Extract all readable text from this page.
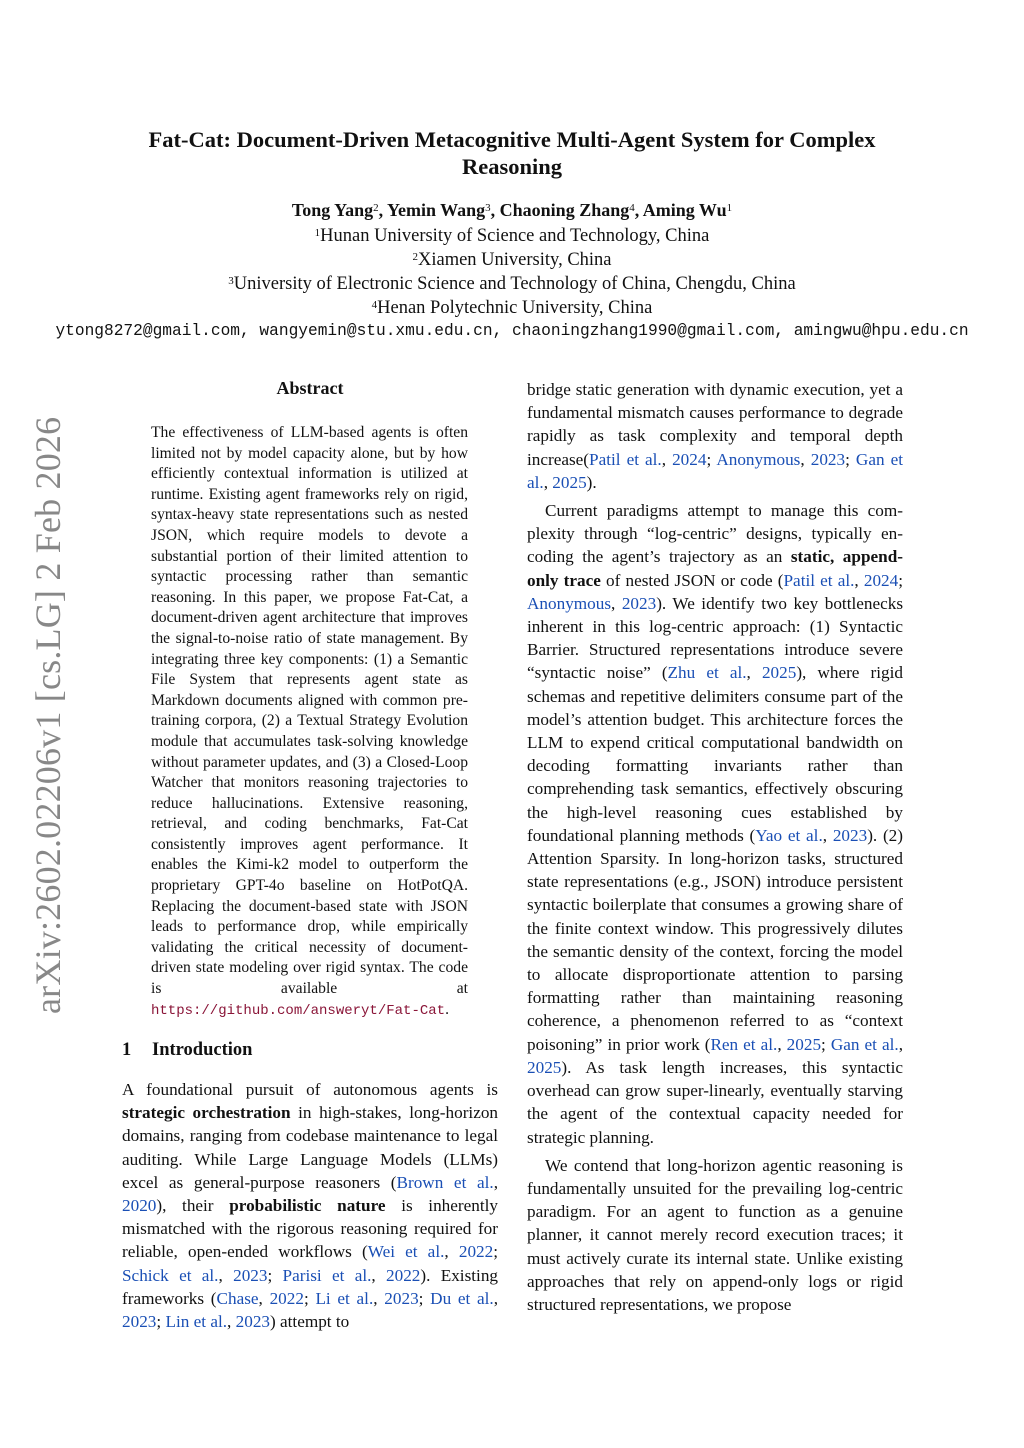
Fat-Cat: Document-Driven Metacognitive Multi-Agent System for Complex Reasoning
Tong Yang$^2$, Yemin Wang$^3$, Chaoning Zhang$^4$, Aming Wu$^1$
$^1$Hunan University of Science and Technology, China
$^2$Xiamen University, China
$^3$University of Electronic Science and Technology of China, Chengdu, China
$^4$Henan Polytechnic University, China
ytong8272@gmail.com, wangyemin@stu.xmu.edu.cn, chaoningzhang1990@gmail.com, amingwu@hpu.edu.cn
arXiv:2602.02206v1 [cs.LG] 2 Feb 2026
Abstract

The effectiveness of LLM-based agents is often limited not by model capacity alone, but by how efficiently contextual information is utilized at runtime. Existing agent frameworks rely on rigid, syntax-heavy state representations such as nested JSON, which require models to devote a substantial portion of their limited attention to syntactic processing rather than semantic reasoning. In this paper, we propose Fat-Cat, a document-driven agent architecture that improves the signal-to-noise ratio of state management. By integrating three key components: (1) a Semantic File System that represents agent state as Markdown documents aligned with common pre-training corpora, (2) a Textual Strategy Evolution module that accumulates task-solving knowledge without parameter updates, and (3) a Closed-Loop Watcher that monitors reasoning trajectories to reduce hallucinations. Extensive reasoning, retrieval, and coding benchmarks, Fat-Cat consistently improves agent performance. It enables the Kimi-k2 model to outperform the proprietary GPT-4o baseline on HotPotQA. Replacing the document-based state with JSON leads to performance drop, while empirically validating the critical necessity of document-driven state modeling over rigid syntax. The code is available at https://github.com/answeryt/Fat-Cat.

1 Introduction

A foundational pursuit of autonomous agents is strategic orchestration in high-stakes, long-horizon domains, ranging from codebase maintenance to legal auditing. While Large Language Models (LLMs) excel as general-purpose reasoners (Brown et al., 2020), their probabilistic nature is inherently mismatched with the rigorous reasoning required for reliable, open-ended workflows (Wei et al., 2022; Schick et al., 2023; Parisi et al., 2022). Existing frameworks (Chase, 2022; Li et al., 2023; Du et al., 2023; Lin et al., 2023) attempt to

bridge static generation with dynamic execution, yet a fundamental mismatch causes performance to degrade rapidly as task complexity and temporal depth increase(Patil et al., 2024; Anonymous, 2023; Gan et al., 2025).

Current paradigms attempt to manage this complexity through “log-centric” designs, typically encoding the agent’s trajectory as an static, append-only trace of nested JSON or code (Patil et al., 2024; Anonymous, 2023). We identify two key bottlenecks inherent in this log-centric approach: (1) Syntactic Barrier. Structured representations introduce severe “syntactic noise” (Zhu et al., 2025), where rigid schemas and repetitive delimiters consume part of the model’s attention budget. This architecture forces the LLM to expend critical computational bandwidth on decoding formatting invariants rather than comprehending task semantics, effectively obscuring the high-level reasoning cues established by foundational planning methods (Yao et al., 2023). (2) Attention Sparsity. In long-horizon tasks, structured state representations (e.g., JSON) introduce persistent syntactic boilerplate that consumes a growing share of the finite context window. This progressively dilutes the semantic density of the context, forcing the model to allocate disproportionate attention to parsing formatting rather than maintaining reasoning coherence, a phenomenon referred to as “context poisoning” in prior work (Ren et al., 2025; Gan et al., 2025). As task length increases, this syntactic overhead can grow super-linearly, eventually starving the agent of the contextual capacity needed for strategic planning.

We contend that long-horizon agentic reasoning is fundamentally unsuited for the prevailing log-centric paradigm. For an agent to function as a genuine planner, it cannot merely record execution traces; it must actively curate its internal state. Unlike existing approaches that rely on append-only logs or rigid structured representations, we propose
